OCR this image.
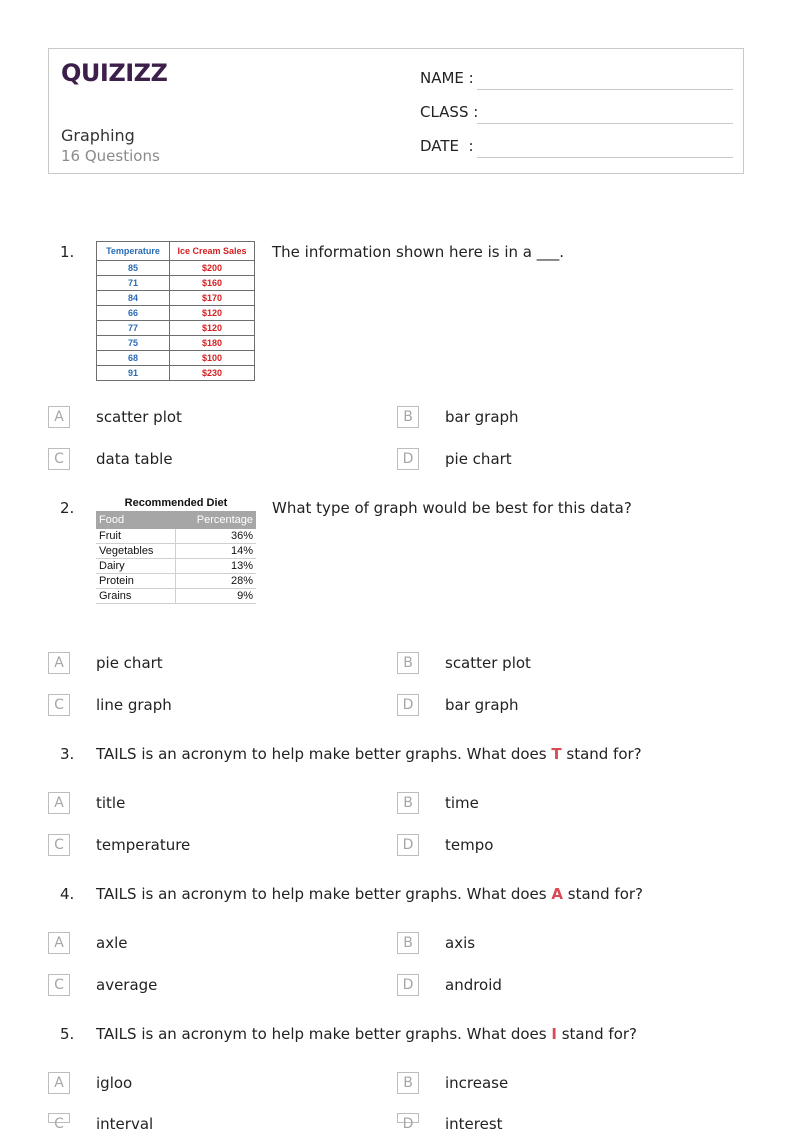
QUIZIZZ
Graphing
16 Questions
NAME :
CLASS :
DATE  :
1.	Temperature	Ice Cream Sales
85	$200
71	$160
84	$170
66	$120
77	$120
75	$180
68	$100
91	$230
The information shown here is in a ___.
A	scatter plot	B	bar graph
C	data table	D	pie chart
2.	Recommended Diet
Food	Percentage
Fruit	36%
Vegetables	14%
Dairy	13%
Protein	28%
Grains	9%
What type of graph would be best for this data?
A	pie chart	B	scatter plot
C	line graph	D	bar graph
3. TAILS is an acronym to help make better graphs. What does T stand for?
A	title	B	time
C	temperature	D	tempo
4. TAILS is an acronym to help make better graphs. What does A stand for?
A	axle	B	axis
C	average	D	android
5. TAILS is an acronym to help make better graphs. What does I stand for?
A	igloo	B	increase
C	interval	D	interest
